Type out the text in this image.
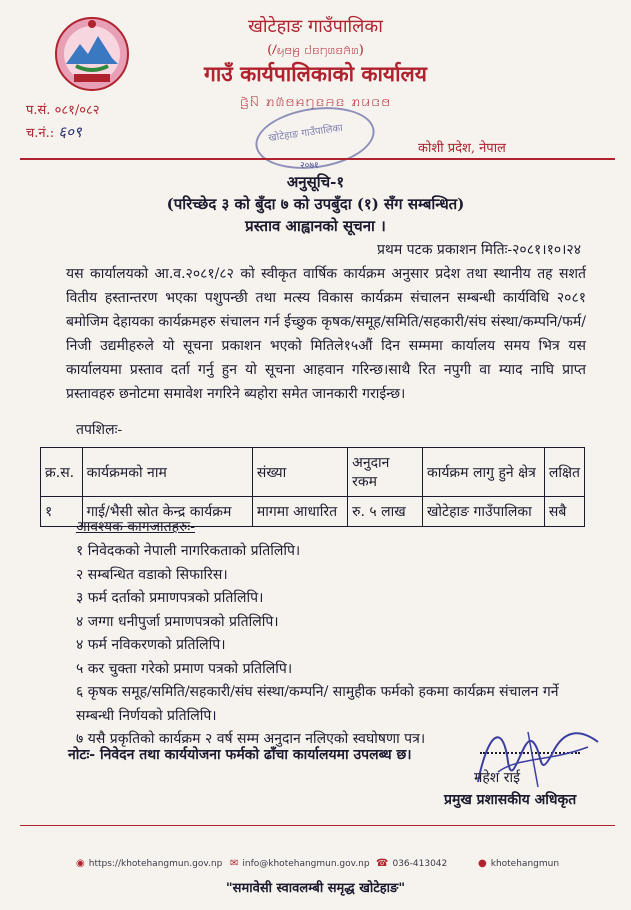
खोटेहाङ गाउँपालिका
(ꤷꤟꤥꤌ꤬ ꤇ꤢꤚꤛꤢꤏꤨꤛ)
गाउँ कार्यपालिकाको कार्यालय
ꤞꤧꤡ ꤊꤛꤩꤥꤌꤚꤢꤏꤢ ꤊꤣꤍꤥ
प.सं. ०८१/०८२
च.नं.: ६०९	खोटेहाङ गाउँपालिका
२०७१
कोशी प्रदेश, नेपाल
अनुसूचि-१
(परिच्छेद ३ को बुँदा ७ को उपबुँदा (१) सँग सम्बन्धित)
प्रस्ताव आह्वानको सूचना ।
प्रथम पटक प्रकाशन मितिः-२०८१।१०।२४

यस कार्यालयको आ.व.२०८१/८२ को स्वीकृत वार्षिक कार्यक्रम अनुसार प्रदेश तथा स्थानीय तह सशर्त वितीय हस्तान्तरण भएका पशुपन्छी तथा मत्स्य विकास कार्यक्रम संचालन सम्बन्धी कार्यविधि २०८१ बमोजिम देहायका कार्यक्रमहरु संचालन गर्न ईच्छुक कृषक/समूह/समिति/सहकारी/संघ संस्था/कम्पनि/फर्म/निजी उद्यमीहरुले यो सूचना प्रकाशन भएको मितिले१५औं दिन सम्ममा कार्यालय समय भित्र यस कार्यालयमा प्रस्ताव दर्ता गर्नु हुन यो सूचना आहवान गरिन्छ।साथै रित नपुगी वा म्याद नाघि प्राप्त प्रस्तावहरु छनोटमा समावेश नगरिने ब्यहोरा समेत जानकारी गराईन्छ।

तपशिलः-
क्र.स.	कार्यक्रमको नाम	संख्या	अनुदान रकम	कार्यक्रम लागु हुने क्षेत्र	लक्षित
१	गाई/भैसी स्रोत केन्द्र कार्यक्रम	मागमा आधारित	रु. ५ लाख	खोटेहाङ गाउँपालिका	सबै
आवश्यक कागजातहरुः-
१ निवेदकको नेपाली नागरिकताको प्रतिलिपि।
२ सम्बन्धित वडाको सिफारिस।
३ फर्म दर्ताको प्रमाणपत्रको प्रतिलिपि।
४ जग्गा धनीपुर्जा प्रमाणपत्रको प्रतिलिपि।
४ फर्म नविकरणको प्रतिलिपि।
५ कर चुक्ता गरेको प्रमाण पत्रको प्रतिलिपि।
६ कृषक समूह/समिति/सहकारी/संघ संस्था/कम्पनि/ सामुहीक फर्मको हकमा कार्यक्रम संचालन गर्ने सम्बन्धी निर्णयको प्रतिलिपि।
७ यसै प्रकृतिको कार्यक्रम २ वर्ष सम्म अनुदान नलिएको स्वघोषणा पत्र।
नोटः- निवेदन तथा कार्ययोजना फर्मको ढाँचा कार्यालयमा उपलब्ध छ।
महेश राई
प्रमुख प्रशासकीय अधिकृत
◉ https://khotehangmun.gov.np ✉ info@khotehangmun.gov.np ☎ 036-413042	● khotehangmun
"समावेसी स्वावलम्बी समृद्ध खोटेहाङ"
